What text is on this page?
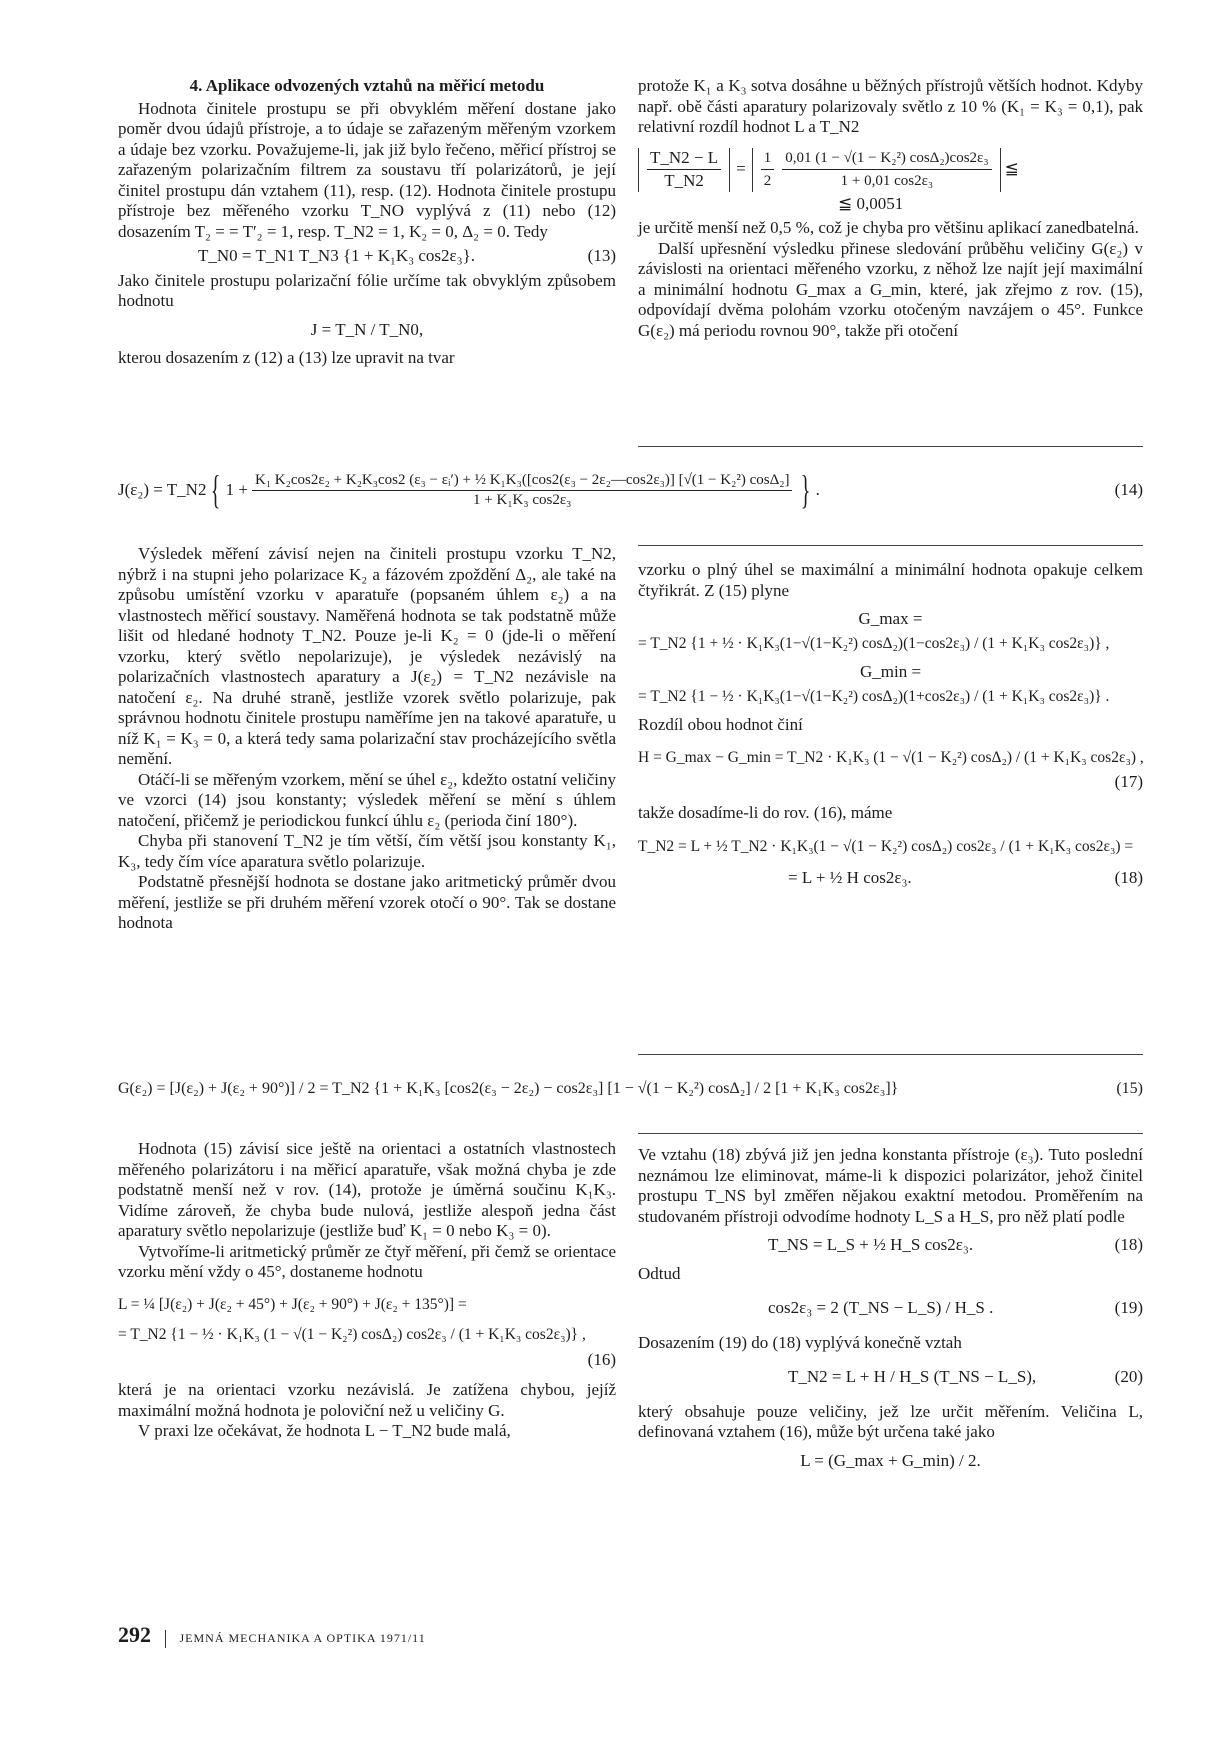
4. Aplikace odvozených vztahů na měřicí metodu

Hodnota činitele prostupu se při obvyklém měření dostane jako poměr dvou údajů přístroje, a to údaje se zařazeným měřeným vzorkem a údaje bez vzorku. Považujeme-li, jak již bylo řečeno, měřicí přístroj se zařazeným polarizačním filtrem za soustavu tří polarizátorů, je její činitel prostupu dán vztahem (11), resp. (12). Hodnota činitele prostupu přístroje bez měřeného vzorku T_NO vyplývá z (11) nebo (12) dosazením T₂ = = T′₂ = 1, resp. T_N2 = 1, K₂ = 0, Δ₂ = 0. Tedy

T_N0 = T_N1 T_N3 {1 + K₁K₃ cos2ε₃}.	(13)

Jako činitele prostupu polarizační fólie určíme tak obvyklým způsobem hodnotu

J = T_N / T_N0,

kterou dosazením z (12) a (13) lze upravit na tvar

protože K₁ a K₃ sotva dosáhne u běžných přístrojů větších hodnot. Kdyby např. obě části aparatury polarizovaly světlo z 10 % (K₁ = K₃ = 0,1), pak relativní rozdíl hodnot L a T_N2

$\frac{T\_N2 - L}{T\_N2} = \frac{1}{2} \frac{\text{0,01 (1 − √(1 − K₂²) cosΔ₂)cos2ε₃}}{\text{1 + 0,01 cos2ε₃}}$ ≦
≦ 0,0051

je určitě menší než 0,5 %, což je chyba pro většinu aplikací zanedbatelná.

Další upřesnění výsledku přinese sledování průběhu veličiny G(ε₂) v závislosti na orientaci měřeného vzorku, z něhož lze najít její maximální a minimální hodnotu G_max a G_min, které, jak zřejmo z rov. (15), odpovídají dvěma polohám vzorku otočeným navzájem o 45°. Funkce G(ε₂) má periodu rovnou 90°, takže při otočení

J(ε₂) = T_N2 { 1 +
K₁ K₂cos2ε₂ + K₂K₃cos2 (ε₃ − εᵢ′) + ½ K₁K₃([cos2(ε₃ − 2ε₂—cos2ε₃)] [√(1 − K₂²) cosΔ₂]
1 + K₁K₃ cos2ε₃	} .	(14)

Výsledek měření závisí nejen na činiteli prostupu vzorku T_N2, nýbrž i na stupni jeho polarizace K₂ a fázovém zpoždění Δ₂, ale také na způsobu umístění vzorku v aparatuře (popsaném úhlem ε₂) a na vlastnostech měřicí soustavy. Naměřená hodnota se tak podstatně může lišit od hledané hodnoty T_N2. Pouze je-li K₂ = 0 (jde-li o měření vzorku, který světlo nepolarizuje), je výsledek nezávislý na polarizačních vlastnostech aparatury a J(ε₂) = T_N2 nezávisle na natočení ε₂. Na druhé straně, jestliže vzorek světlo polarizuje, pak správnou hodnotu činitele prostupu naměříme jen na takové aparatuře, u níž K₁ = K₃ = 0, a která tedy sama polarizační stav procházejícího světla nemění.

Otáčí-li se měřeným vzorkem, mění se úhel ε₂, kdežto ostatní veličiny ve vzorci (14) jsou konstanty; výsledek měření se mění s úhlem natočení, přičemž je periodickou funkcí úhlu ε₂ (perioda činí 180°).

Chyba při stanovení T_N2 je tím větší, čím větší jsou konstanty K₁, K₃, tedy čím více aparatura světlo polarizuje.

Podstatně přesnější hodnota se dostane jako aritmetický průměr dvou měření, jestliže se při druhém měření vzorek otočí o 90°. Tak se dostane hodnota

vzorku o plný úhel se maximální a minimální hodnota opakuje celkem čtyřikrát. Z (15) plyne

G_max =
= T_N2 {1 + ½ · K₁K₃(1−√(1−K₂²) cosΔ₂)(1−cos2ε₃) / (1 + K₁K₃ cos2ε₃)} ,
G_min =
= T_N2 {1 − ½ · K₁K₃(1−√(1−K₂²) cosΔ₂)(1+cos2ε₃) / (1 + K₁K₃ cos2ε₃)} .

Rozdíl obou hodnot činí

H = G_max − G_min = T_N2 · K₁K₃ (1 − √(1 − K₂²) cosΔ₂) / (1 + K₁K₃ cos2ε₃) ,
(17)

takže dosadíme-li do rov. (16), máme

T_N2 = L + ½ T_N2 · K₁K₃(1 − √(1 − K₂²) cosΔ₂) cos2ε₃ / (1 + K₁K₃ cos2ε₃) =
= L + ½ H cos2ε₃.	(18)
G(ε₂) = [J(ε₂) + J(ε₂ + 90°)] / 2 = T_N2 {1 + K₁K₃ [cos2(ε₃ − 2ε₂) − cos2ε₃] [1 − √(1 − K₂²) cosΔ₂] / 2 [1 + K₁K₃ cos2ε₃]}	(15)

Hodnota (15) závisí sice ještě na orientaci a ostatních vlastnostech měřeného polarizátoru i na měřicí aparatuře, však možná chyba je zde podstatně menší než v rov. (14), protože je úměrná součinu K₁K₃. Vidíme zároveň, že chyba bude nulová, jestliže alespoň jedna část aparatury světlo nepolarizuje (jestliže buď K₁ = 0 nebo K₃ = 0).

Vytvoříme-li aritmetický průměr ze čtyř měření, při čemž se orientace vzorku mění vždy o 45°, dostaneme hodnotu

L = ¼ [J(ε₂) + J(ε₂ + 45°) + J(ε₂ + 90°) + J(ε₂ + 135°)] =
= T_N2 {1 − ½ · K₁K₃ (1 − √(1 − K₂²) cosΔ₂) cos2ε₃ / (1 + K₁K₃ cos2ε₃)} ,
(16)

která je na orientaci vzorku nezávislá. Je zatížena chybou, jejíž maximální možná hodnota je poloviční než u veličiny G.

V praxi lze očekávat, že hodnota L − T_N2 bude malá,

Ve vztahu (18) zbývá již jen jedna konstanta přístroje (ε₃). Tuto poslední neznámou lze eliminovat, máme-li k dispozici polarizátor, jehož činitel prostupu T_NS byl změřen nějakou exaktní metodou. Proměřením na studovaném přístroji odvodíme hodnoty L_S a H_S, pro něž platí podle

T_NS = L_S + ½ H_S cos2ε₃.	(18)

Odtud

cos2ε₃ = 2 (T_NS − L_S) / H_S .	(19)

Dosazením (19) do (18) vyplývá konečně vztah

T_N2 = L + H / H_S (T_NS − L_S),	(20)

který obsahuje pouze veličiny, jež lze určit měřením. Veličina L, definovaná vztahem (16), může být určena také jako

L = (G_max + G_min) / 2.
292 JEMNÁ MECHANIKA A OPTIKA 1971/11
